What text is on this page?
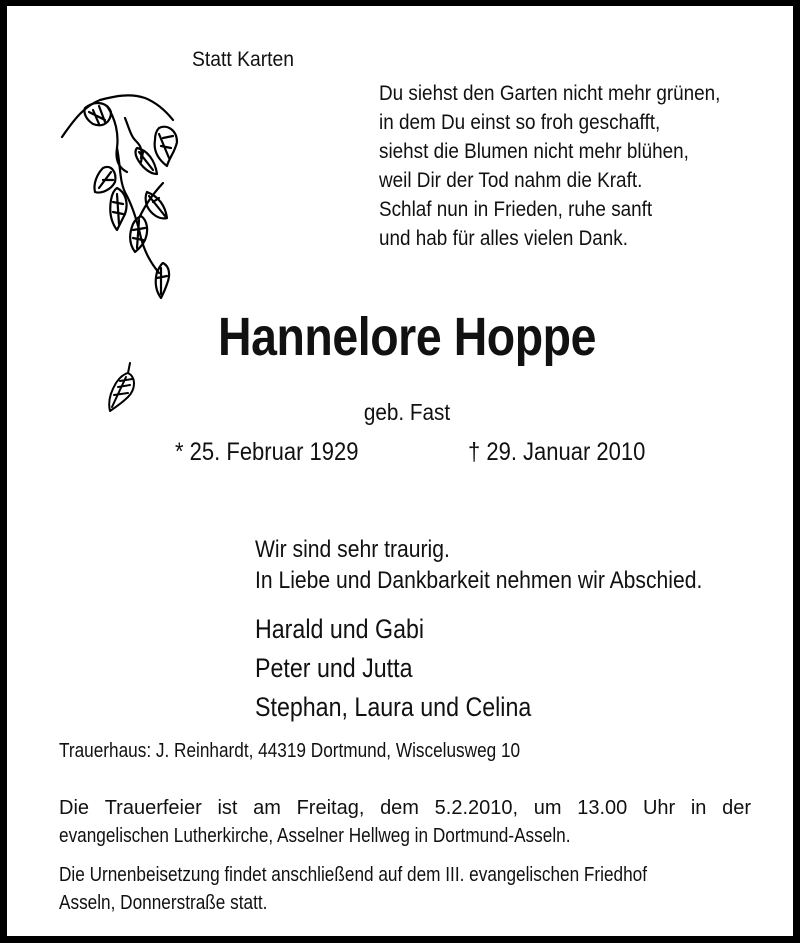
Statt Karten
Du siehst den Garten nicht mehr grünen,
in dem Du einst so froh geschafft,
siehst die Blumen nicht mehr blühen,
weil Dir der Tod nahm die Kraft.
Schlaf nun in Frieden, ruhe sanft
und hab für alles vielen Dank.
Hannelore Hoppe
geb. Fast
* 25. Februar 1929	† 29. Januar 2010
Wir sind sehr traurig.
In Liebe und Dankbarkeit nehmen wir Abschied.
Harald und Gabi
Peter und Jutta
Stephan, Laura und Celina
Trauerhaus: J. Reinhardt, 44319 Dortmund, Wiscelusweg 10
Die Trauerfeier ist am Freitag, dem 5.2.2010, um 13.00 Uhr in der
evangelischen Lutherkirche, Asselner Hellweg in Dortmund-Asseln.
Die Urnenbeisetzung findet anschließend auf dem III. evangelischen Friedhof
Asseln, Donnerstraße statt.
